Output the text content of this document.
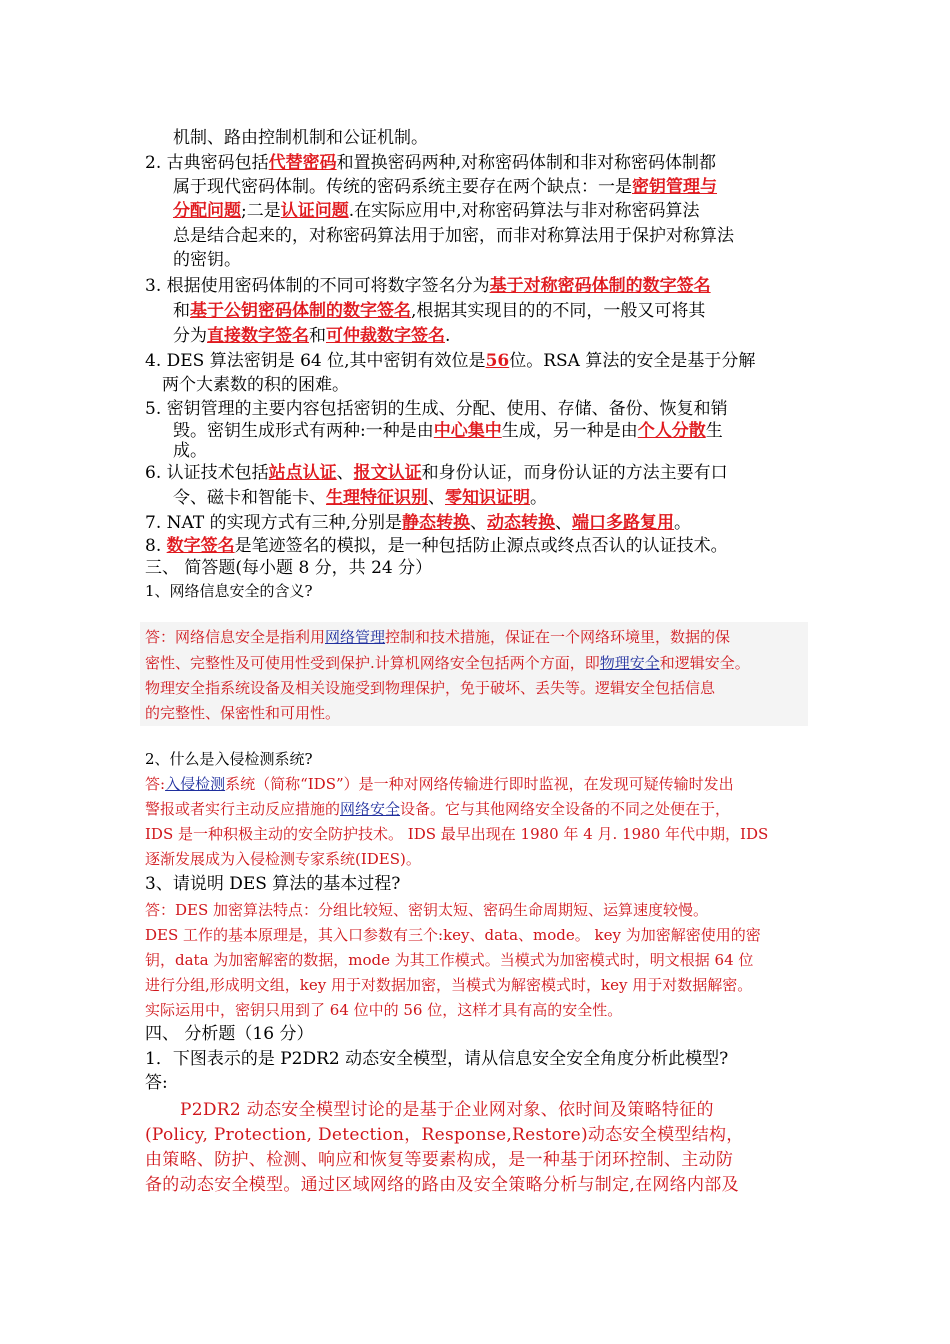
机制、路由控制机制和公证机制。
2. 古典密码包括代替密码和置换密码两种,对称密码体制和非对称密码体制都
属于现代密码体制。传统的密码系统主要存在两个缺点：一是密钥管理与
分配问题;二是认证问题.在实际应用中,对称密码算法与非对称密码算法
总是结合起来的，对称密码算法用于加密，而非对称算法用于保护对称算法
的密钥。
3. 根据使用密码体制的不同可将数字签名分为基于对称密码体制的数字签名
和基于公钥密码体制的数字签名,根据其实现目的的不同，一般又可将其
分为直接数字签名和可仲裁数字签名.
4. DES 算法密钥是 64 位,其中密钥有效位是56位。RSA 算法的安全是基于分解
两个大素数的积的困难。
5. 密钥管理的主要内容包括密钥的生成、分配、使用、存储、备份、恢复和销
毁。密钥生成形式有两种:一种是由中心集中生成，另一种是由个人分散生
成。
6. 认证技术包括站点认证、报文认证和身份认证，而身份认证的方法主要有口
令、磁卡和智能卡、生理特征识别、零知识证明。
7. NAT 的实现方式有三种,分别是静态转换、动态转换、端口多路复用。
8. 数字签名是笔迹签名的模拟，是一种包括防止源点或终点否认的认证技术。
三、 简答题(每小题 8 分，共 24 分）
1、网络信息安全的含义?
答：网络信息安全是指利用网络管理控制和技术措施，保证在一个网络环境里，数据的保
密性、完整性及可使用性受到保护.计算机网络安全包括两个方面，即物理安全和逻辑安全。
物理安全指系统设备及相关设施受到物理保护，免于破坏、丢失等。逻辑安全包括信息
的完整性、保密性和可用性。
2、什么是入侵检测系统?
答:入侵检测系统（简称“IDS”）是一种对网络传输进行即时监视，在发现可疑传输时发出
警报或者实行主动反应措施的网络安全设备。它与其他网络安全设备的不同之处便在于，
IDS 是一种积极主动的安全防护技术。 IDS 最早出现在 1980 年 4 月. 1980 年代中期，IDS
逐渐发展成为入侵检测专家系统(IDES)。
3、请说明 DES 算法的基本过程?
答：DES 加密算法特点：分组比较短、密钥太短、密码生命周期短、运算速度较慢。
DES 工作的基本原理是，其入口参数有三个:key、data、mode。 key 为加密解密使用的密
钥，data 为加密解密的数据，mode 为其工作模式。当模式为加密模式时，明文根据 64 位
进行分组,形成明文组，key 用于对数据加密，当模式为解密模式时，key 用于对数据解密。
实际运用中，密钥只用到了 64 位中的 56 位，这样才具有高的安全性。
四、 分析题（16 分）
1．下图表示的是 P2DR2 动态安全模型，请从信息安全安全角度分析此模型?
答:
P2DR2 动态安全模型讨论的是基于企业网对象、依时间及策略特征的
(Policy, Protection, Detection，Response,Restore)动态安全模型结构，
由策略、防护、检测、响应和恢复等要素构成，是一种基于闭环控制、主动防
备的动态安全模型。通过区域网络的路由及安全策略分析与制定,在网络内部及
